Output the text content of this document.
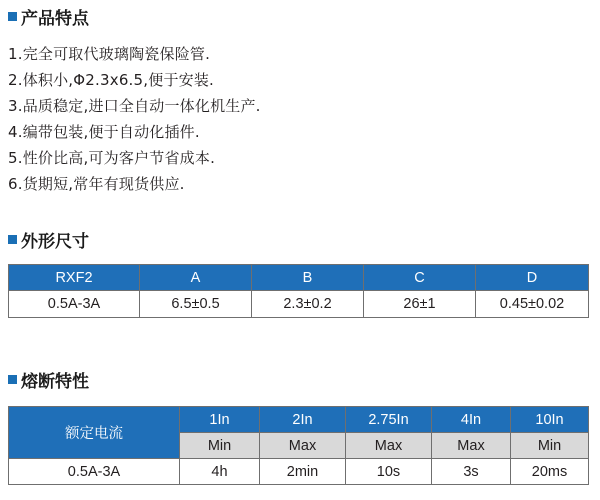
产品特点
1.完全可取代玻璃陶瓷保险管.
2.体积小,Φ2.3x6.5,便于安装.
3.品质稳定,进口全自动一体化机生产.
4.编带包装,便于自动化插件.
5.性价比高,可为客户节省成本.
6.货期短,常年有现货供应.
外形尺寸
RXF2	A	B	C	D
0.5A-3A	6.5±0.5	2.3±0.2	26±1	0.45±0.02
熔断特性
额定电流	1In	2In	2.75In	4In	10In
	Min	Max	Max	Max	Min
0.5A-3A	4h	2min	10s	3s	20ms
